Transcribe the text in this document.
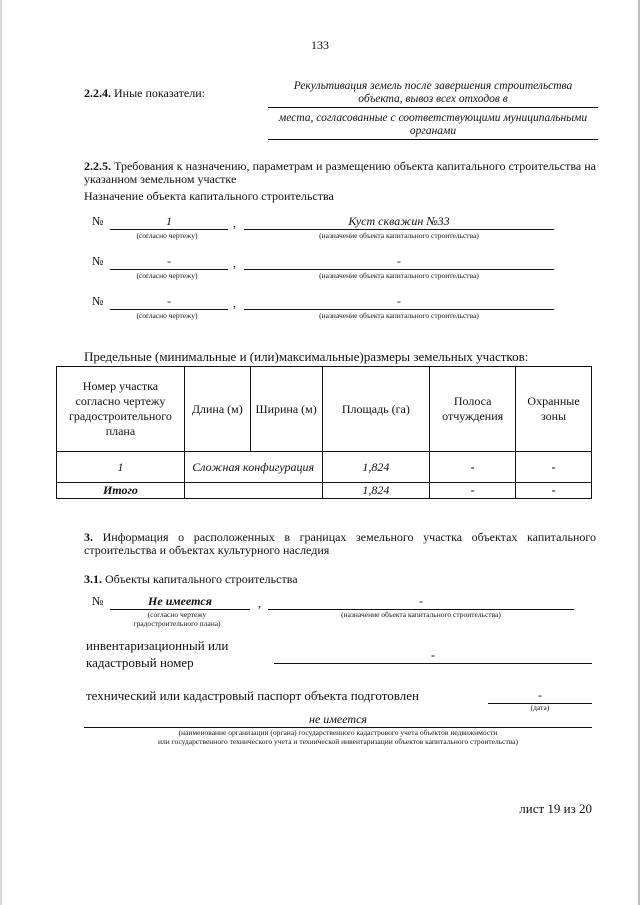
133
2.2.4. Иные показатели:	Рекультивация земель после завершения строительства
объекта, вывоз всех отходов в
места, согласованные с соответствующими муниципальными
органами
2.2.5. Требования к назначению, параметрам и размещению объекта капитального строительства на указанном земельном участке
Назначение объекта капитального строительства
№	1	,	Куст скважин №33
(согласно чертежу)	(назначение объекта капитального строительства)
№	-	,	-
(согласно чертежу)	(назначение объекта капитального строительства)
№	-	,	-
(согласно чертежу)	(назначение объекта капитального строительства)
Предельные (минимальные и (или)максимальные)размеры земельных участков:
Номер участка согласно чертежу градостроительного плана	Длина (м)	Ширина (м)	Площадь (га)	Полоса отчуждения	Охранные зоны
1	Сложная конфигурация		1,824	-	-
Итого			1,824	-	-
3. Информация о расположенных в границах земельного участка объектах капитального строительства и объектах культурного наследия
3.1. Объекты капитального строительства
№	Не имеется	,	-
(согласно чертежу
градостроительного плана)
(назначение объекта капитального строительства)
инвентаризационный или
кадастровый номер	-
технический или кадастровый паспорт объекта подготовлен	-
(дата)
не имеется
(наименование организации (органа) государственного кадастрового учета объектов недвижимости
или государственного технического учета и технической инвентаризации объектов капитального строительства)
лист 19 из 20
